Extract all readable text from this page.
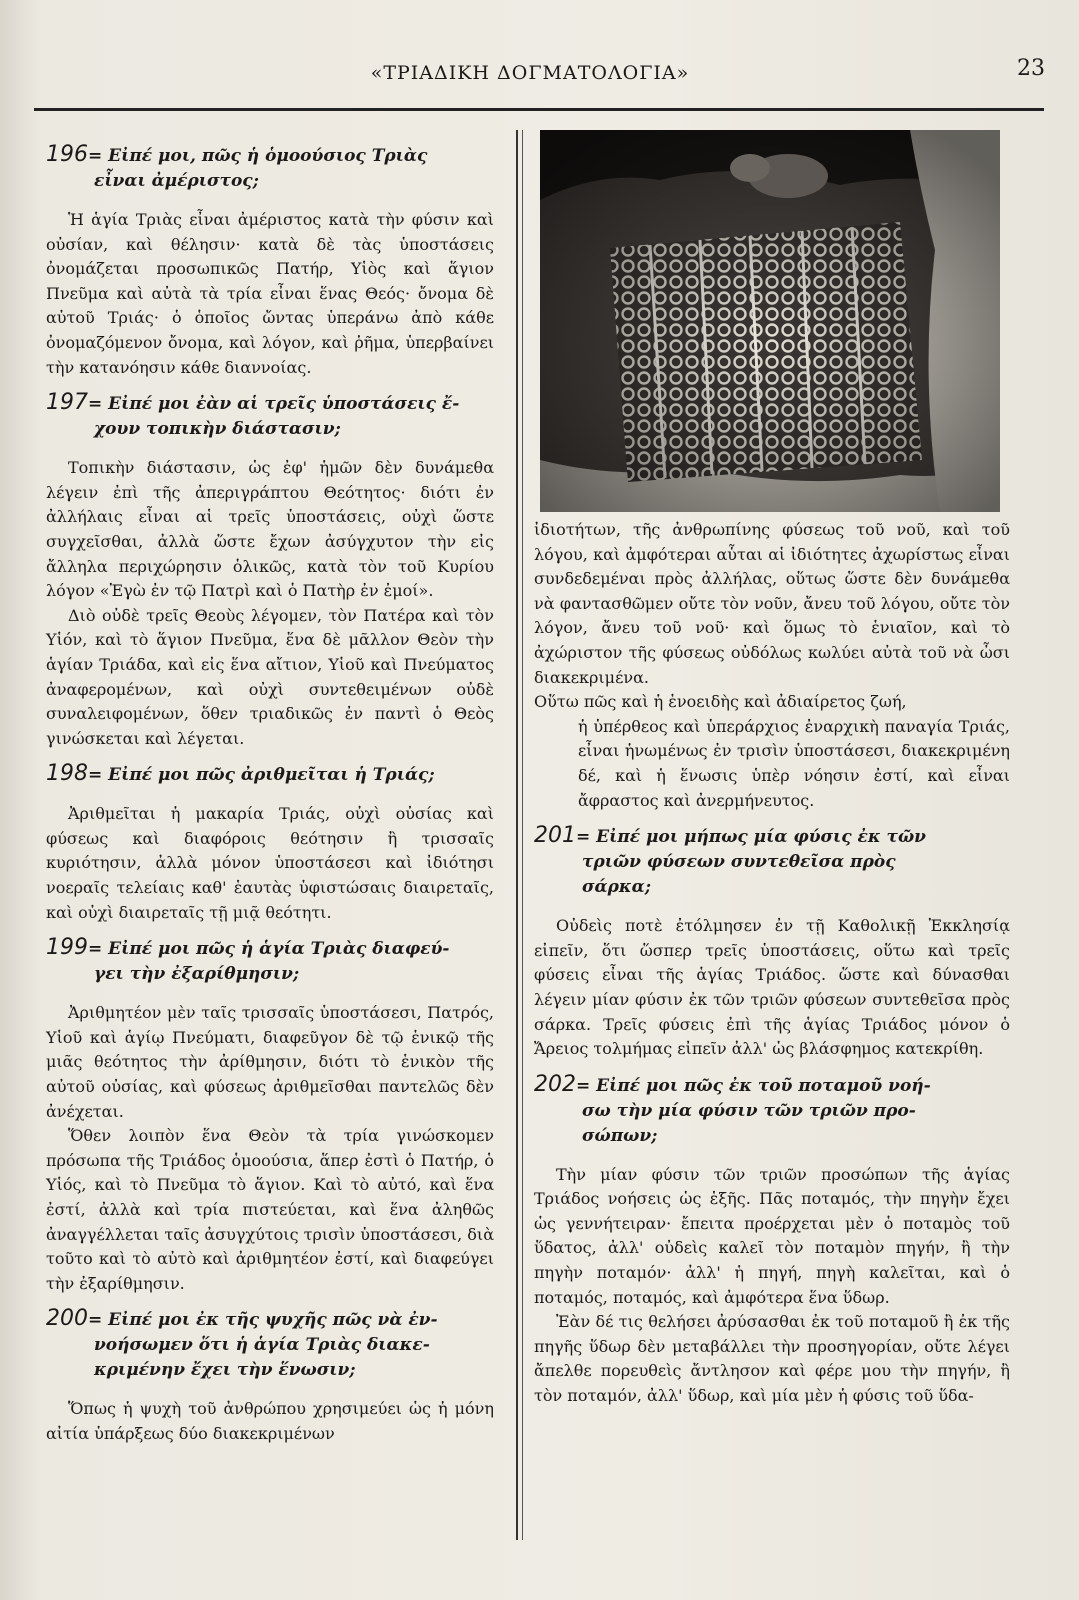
«ΤΡΙΑΔΙΚΗ ΔΟΓΜΑΤΟΛΟΓΙΑ»	23
196= Εἰπέ μοι, πῶς ἡ ὁμοούσιος Τριὰς
εἶναι ἀμέριστος;

Ἡ ἁγία Τριὰς εἶναι ἀμέριστος κατὰ τὴν φύσιν καὶ οὐσίαν, καὶ θέλησιν· κατὰ δὲ τὰς ὑποστάσεις ὀνομάζεται προσωπικῶς Πατήρ, Υἱὸς καὶ ἅγιον Πνεῦμα καὶ αὐτὰ τὰ τρία εἶναι ἕνας Θεός· ὄνομα δὲ αὐτοῦ Τριάς· ὁ ὁποῖος ὤντας ὑπεράνω ἀπὸ κάθε ὀνομαζόμενον ὄνομα, καὶ λόγον, καὶ ῥῆμα, ὑπερβαίνει τὴν κατανόησιν κάθε διαννοίας.

197= Εἰπέ μοι ἐὰν αἱ τρεῖς ὑποστάσεις ἔ-
χουν τοπικὴν διάστασιν;

Τοπικὴν διάστασιν, ὡς ἐφ' ἡμῶν δὲν δυνάμεθα λέγειν ἐπὶ τῆς ἀπεριγράπτου Θεότητος· διότι ἐν ἀλλήλαις εἶναι αἱ τρεῖς ὑποστάσεις, οὐχὶ ὥστε συγχεῖσθαι, ἀλλὰ ὥστε ἔχων ἀσύγχυτον τὴν εἰς ἄλληλα περιχώρησιν ὁλικῶς, κατὰ τὸν τοῦ Κυρίου λόγον «Ἐγὼ ἐν τῷ Πατρὶ καὶ ὁ Πατὴρ ἐν ἐμοί».

Διὸ οὐδὲ τρεῖς Θεοὺς λέγομεν, τὸν Πατέρα καὶ τὸν Υἱόν, καὶ τὸ ἅγιον Πνεῦμα, ἕνα δὲ μᾶλλον Θεὸν τὴν ἁγίαν Τριάδα, καὶ εἰς ἕνα αἴτιον, Υἱοῦ καὶ Πνεύματος ἀναφερομένων, καὶ οὐχὶ συντεθειμένων οὐδὲ συναλειφομένων, ὅθεν τριαδικῶς ἐν παντὶ ὁ Θεὸς γινώσκεται καὶ λέγεται.

198= Εἰπέ μοι πῶς ἀριθμεῖται ἡ Τριάς;

Ἀριθμεῖται ἡ μακαρία Τριάς, οὐχὶ οὐσίας καὶ φύσεως καὶ διαφόροις θεότησιν ἢ τρισσαῖς κυριότησιν, ἀλλὰ μόνον ὑποστάσεσι καὶ ἰδιότησι νοεραῖς τελείαις καθ' ἑαυτὰς ὑφιστώσαις διαιρεταῖς, καὶ οὐχὶ διαιρεταῖς τῇ μιᾷ θεότητι.

199= Εἰπέ μοι πῶς ἡ ἁγία Τριὰς διαφεύ-
γει τὴν ἐξαρίθμησιν;

Ἀριθμητέον μὲν ταῖς τρισσαῖς ὑποστάσεσι, Πατρός, Υἱοῦ καὶ ἁγίῳ Πνεύματι, διαφεῦγον δὲ τῷ ἑνικῷ τῆς μιᾶς θεότητος τὴν ἀρίθμησιν, διότι τὸ ἑνικὸν τῆς αὐτοῦ οὐσίας, καὶ φύσεως ἀριθμεῖσθαι παντελῶς δὲν ἀνέχεται.

Ὅθεν λοιπὸν ἕνα Θεὸν τὰ τρία γινώσκομεν πρόσωπα τῆς Τριάδος ὁμοούσια, ἅπερ ἐστὶ ὁ Πατήρ, ὁ Υἱός, καὶ τὸ Πνεῦμα τὸ ἅγιον. Καὶ τὸ αὐτό, καὶ ἕνα ἐστί, ἀλλὰ καὶ τρία πιστεύεται, καὶ ἕνα ἀληθῶς ἀναγγέλλεται ταῖς ἀσυγχύτοις τρισὶν ὑποστάσεσι, διὰ τοῦτο καὶ τὸ αὐτὸ καὶ ἀριθμητέον ἐστί, καὶ διαφεύγει τὴν ἐξαρίθμησιν.

200= Εἰπέ μοι ἐκ τῆς ψυχῆς πῶς νὰ ἐν-
νοήσωμεν ὅτι ἡ ἁγία Τριὰς διακε-
κριμένην ἔχει τὴν ἕνωσιν;

Ὅπως ἡ ψυχὴ τοῦ ἀνθρώπου χρησιμεύει ὡς ἡ μόνη αἰτία ὑπάρξεως δύο διακεκριμένων

ἰδιοτήτων, τῆς ἀνθρωπίνης φύσεως τοῦ νοῦ, καὶ τοῦ λόγου, καὶ ἀμφότεραι αὗται αἱ ἰδιότητες ἀχωρίστως εἶναι συνδεδεμέναι πρὸς ἀλλήλας, οὕτως ὥστε δὲν δυνάμεθα νὰ φαντασθῶμεν οὔτε τὸν νοῦν, ἄνευ τοῦ λόγου, οὔτε τὸν λόγον, ἄνευ τοῦ νοῦ· καὶ ὅμως τὸ ἑνιαῖον, καὶ τὸ ἀχώριστον τῆς φύσεως οὐδόλως κωλύει αὐτὰ τοῦ νὰ ὦσι διακεκριμένα.

Οὕτω πῶς καὶ ἡ ἑνοειδὴς καὶ ἀδιαίρετος ζωή,

ἡ ὑπέρθεος καὶ ὑπεράρχιος ἐναρχικὴ παναγία Τριάς, εἶναι ἡνωμένως ἐν τρισὶν ὑποστάσεσι, διακεκριμένη δέ, καὶ ἡ ἕνωσις ὑπὲρ νόησιν ἐστί, καὶ εἶναι ἄφραστος καὶ ἀνερμήνευτος.

201= Εἰπέ μοι μήπως μία φύσις ἐκ τῶν
τριῶν φύσεων συντεθεῖσα πρὸς
σάρκα;

Οὐδεὶς ποτὲ ἐτόλμησεν ἐν τῇ Καθολικῇ Ἐκκλησίᾳ εἰπεῖν, ὅτι ὥσπερ τρεῖς ὑποστάσεις, οὕτω καὶ τρεῖς φύσεις εἶναι τῆς ἁγίας Τριάδος. ὥστε καὶ δύνασθαι λέγειν μίαν φύσιν ἐκ τῶν τριῶν φύσεων συντεθεῖσα πρὸς σάρκα. Τρεῖς φύσεις ἐπὶ τῆς ἁγίας Τριάδος μόνον ὁ Ἄρειος τολμήμας εἰπεῖν ἀλλ' ὡς βλάσφημος κατεκρίθη.

202= Εἰπέ μοι πῶς ἐκ τοῦ ποταμοῦ νοή-
σω τὴν μία φύσιν τῶν τριῶν προ-
σώπων;

Τὴν μίαν φύσιν τῶν τριῶν προσώπων τῆς ἁγίας Τριάδος νοήσεις ὡς ἑξῆς. Πᾶς ποταμός, τὴν πηγὴν ἔχει ὡς γεννήτειραν· ἔπειτα προέρχεται μὲν ὁ ποταμὸς τοῦ ὕδατος, ἀλλ' οὐδεὶς καλεῖ τὸν ποταμὸν πηγήν, ἢ τὴν πηγὴν ποταμόν· ἀλλ' ἡ πηγή, πηγὴ καλεῖται, καὶ ὁ ποταμός, ποταμός, καὶ ἀμφότερα ἕνα ὕδωρ.

Ἐὰν δέ τις θελήσει ἀρύσασθαι ἐκ τοῦ ποταμοῦ ἢ ἐκ τῆς πηγῆς ὕδωρ δὲν μεταβάλλει τὴν προσηγορίαν, οὔτε λέγει ἄπελθε πορευθεὶς ἄντλησον καὶ φέρε μου τὴν πηγήν, ἢ τὸν ποταμόν, ἀλλ' ὕδωρ, καὶ μία μὲν ἡ φύσις τοῦ ὕδα-
